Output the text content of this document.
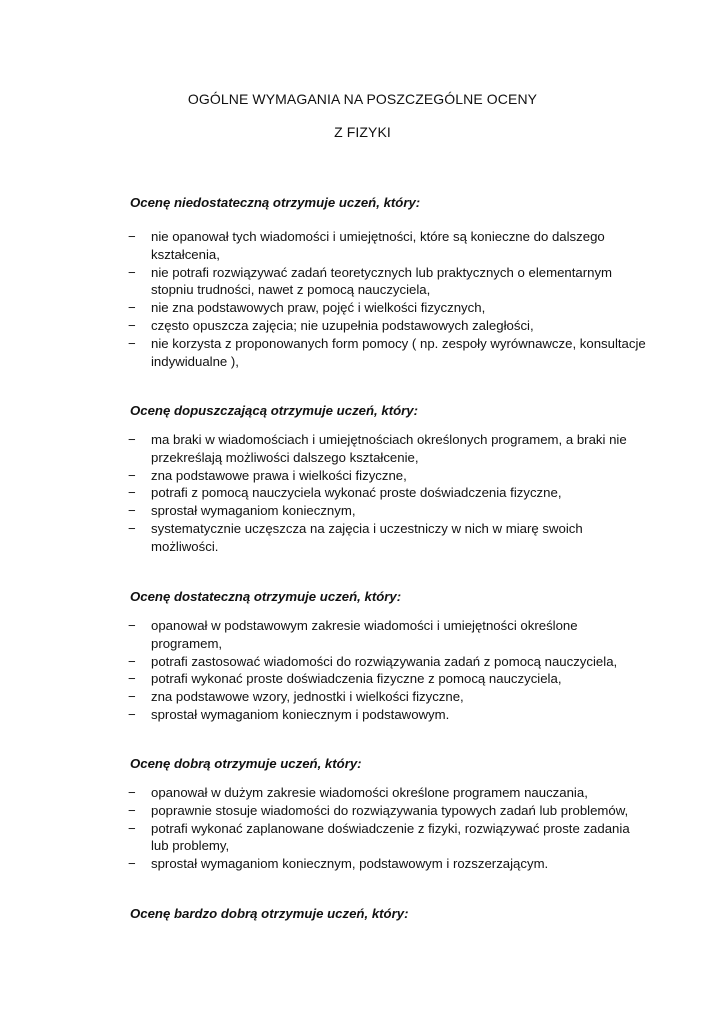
OGÓLNE WYMAGANIA NA POSZCZEGÓLNE OCENY
Z FIZYKI
Ocenę niedostateczną otrzymuje uczeń, który:
− nie opanował tych wiadomości i umiejętności, które są konieczne do dalszego kształcenia,
− nie potrafi rozwiązywać zadań teoretycznych lub praktycznych o elementarnym stopniu trudności, nawet z pomocą nauczyciela,
− nie zna podstawowych praw, pojęć i wielkości fizycznych,
− często opuszcza zajęcia; nie uzupełnia podstawowych zaległości,
− nie korzysta z proponowanych form pomocy ( np. zespoły wyrównawcze, konsultacje indywidualne ),
Ocenę dopuszczającą otrzymuje uczeń, który:
− ma braki w wiadomościach i umiejętnościach określonych programem, a braki nie przekreślają możliwości dalszego kształcenie,
− zna podstawowe prawa i wielkości fizyczne,
− potrafi z pomocą nauczyciela wykonać proste doświadczenia fizyczne,
− sprostał wymaganiom koniecznym,
− systematycznie uczęszcza na zajęcia i uczestniczy w nich w miarę swoich możliwości.
Ocenę dostateczną otrzymuje uczeń, który:
− opanował w podstawowym zakresie wiadomości i umiejętności określone programem,
− potrafi zastosować wiadomości do rozwiązywania zadań z pomocą nauczyciela,
− potrafi wykonać proste doświadczenia fizyczne z pomocą nauczyciela,
− zna podstawowe wzory, jednostki i wielkości fizyczne,
− sprostał wymaganiom koniecznym i podstawowym.
Ocenę dobrą otrzymuje uczeń, który:
− opanował w dużym zakresie wiadomości określone programem nauczania,
− poprawnie stosuje wiadomości do rozwiązywania typowych zadań lub problemów,
− potrafi wykonać zaplanowane doświadczenie z fizyki, rozwiązywać proste zadania lub problemy,
− sprostał wymaganiom koniecznym, podstawowym i rozszerzającym.
Ocenę bardzo dobrą otrzymuje uczeń, który:
